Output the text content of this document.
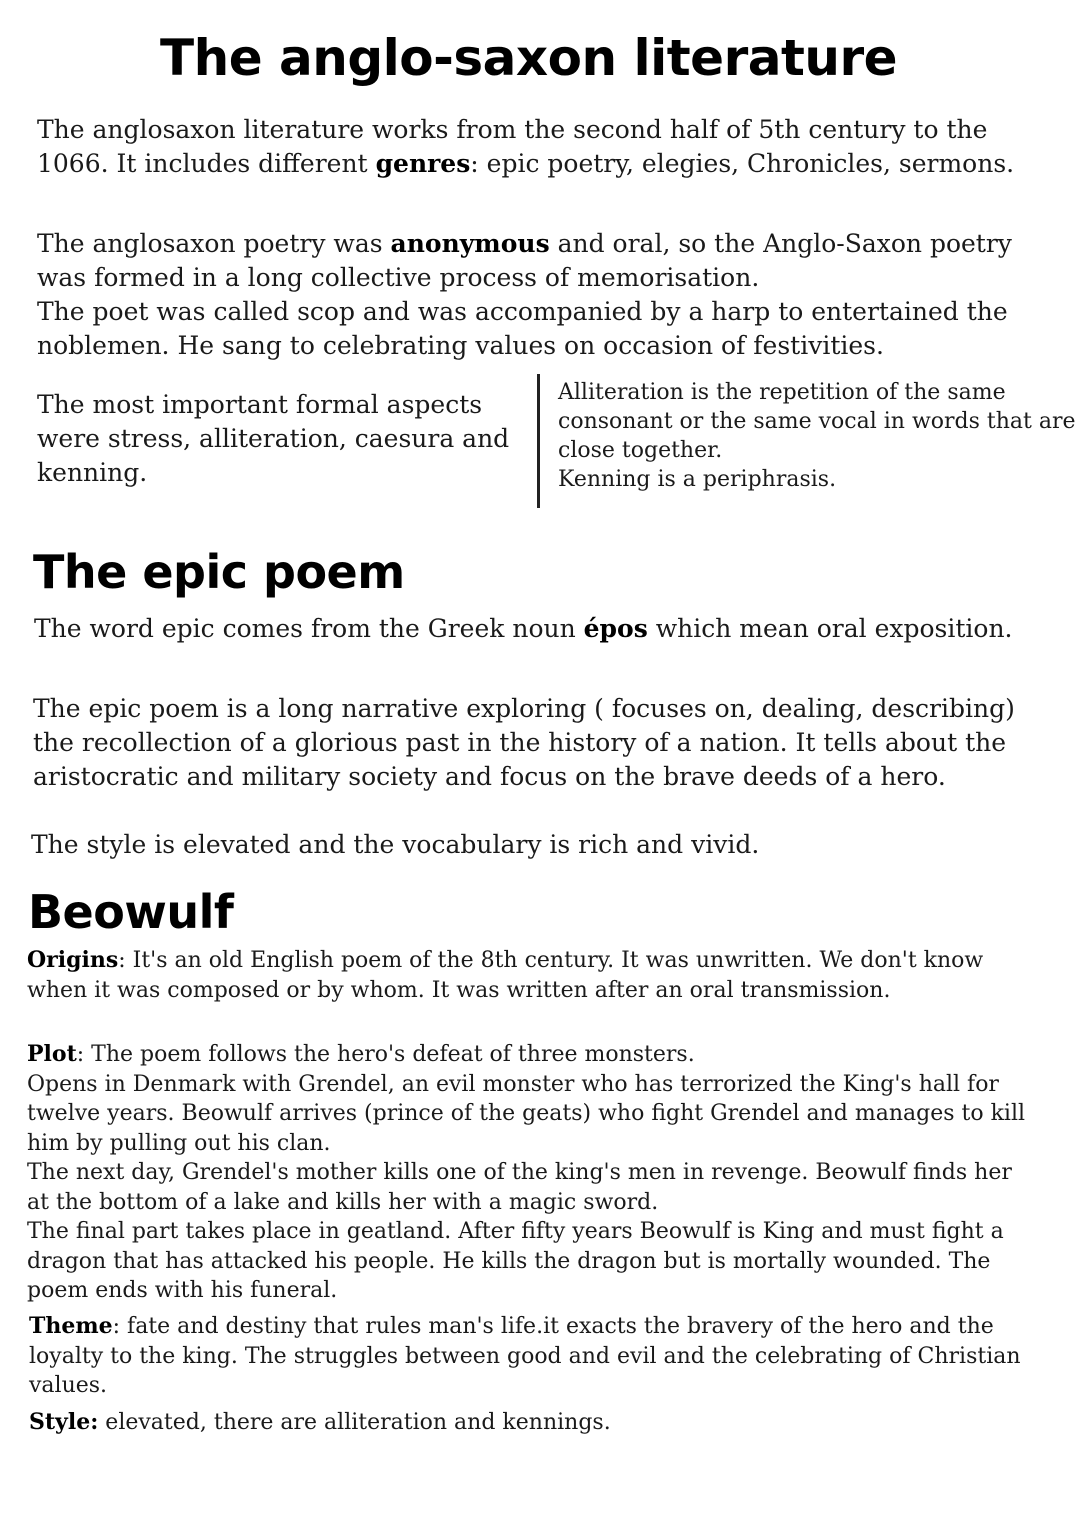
The anglo-saxon literature

The anglosaxon literature works from the second half of 5th century to the 1066. It includes different genres: epic poetry, elegies, Chronicles, sermons.

The anglosaxon poetry was anonymous and oral, so the Anglo-Saxon poetry was formed in a long collective process of memorisation.

The poet was called scop and was accompanied by a harp to entertained the noblemen. He sang to celebrating values on occasion of festivities.

The most important formal aspects were stress, alliteration, caesura and kenning.

Alliteration is the repetition of the same consonant or the same vocal in words that are close together.
Kenning is a periphrasis.
The epic poem

The word epic comes from the Greek noun épos which mean oral exposition.

The epic poem is a long narrative exploring ( focuses on, dealing, describing) the recollection of a glorious past in the history of a nation. It tells about the aristocratic and military society and focus on the brave deeds of a hero.

The style is elevated and the vocabulary is rich and vivid.

Beowulf

Origins: It's an old English poem of the 8th century. It was unwritten. We don't know when it was composed or by whom. It was written after an oral transmission.

Plot: The poem follows the hero's defeat of three monsters.
Opens in Denmark with Grendel, an evil monster who has terrorized the King's hall for twelve years. Beowulf arrives (prince of the geats) who fight Grendel and manages to kill him by pulling out his clan.
The next day, Grendel's mother kills one of the king's men in revenge. Beowulf finds her at the bottom of a lake and kills her with a magic sword.
The final part takes place in geatland. After fifty years Beowulf is King and must fight a dragon that has attacked his people. He kills the dragon but is mortally wounded. The poem ends with his funeral.

Theme: fate and destiny that rules man's life.it exacts the bravery of the hero and the loyalty to the king. The struggles between good and evil and the celebrating of Christian values.

Style: elevated, there are alliteration and kennings.
